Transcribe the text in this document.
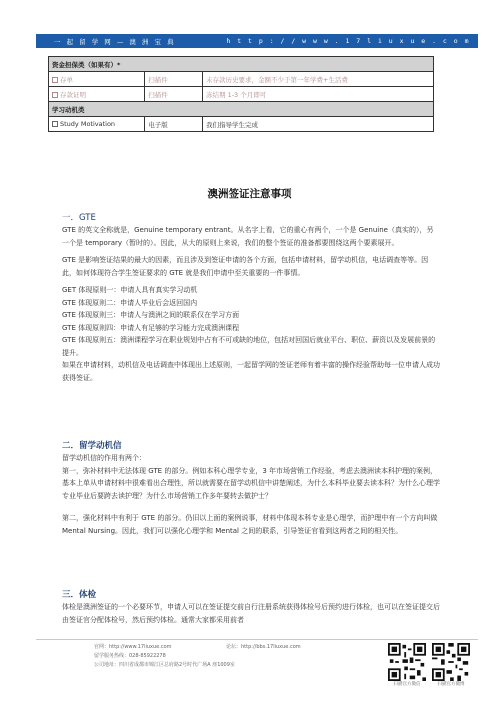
一 起 留 学 网 — 澳 洲 宝 典	h t t p : / / w w w . 1 7 l i u x u e . c o m
资金担保类（如果有）*		
存单	扫描件	末存款历史要求，金额不少于第一年学费+生活费
存款证明	扫描件	冻结期 1-3 个月即可
学习动机类		
Study Motivation	电子版	我们指导学生完成
澳洲签证注意事项
一．GTE

GTE 的英文全称就是，Genuine temporary entrant。从名字上看，它的重心有两个，一个是 Genuine（真实的），另一个是 temporary（暂时的）。因此，从大的原则上来说，我们的整个签证的准备都要围绕这两个要素展开。

GTE 是影响签证结果的最大的因素，而且涉及到签证申请的各个方面，包括申请材料，留学动机信，电话调查等等。因此，如何体现符合学生签证要求的 GTE 就是我们申请中至关重要的一件事情。

GET 体现原则一：申请人具有真实学习动机
GTE 体现原则二：申请人毕业后会返回国内
GTE 体现原则三：申请人与澳洲之间的联系仅在学习方面
GTE 体现原则四：申请人有足够的学习能力完成澳洲课程
GTE 体现原则五：澳洲课程学习在职业规划中占有不可或缺的地位，包括对回国后就业平台、职位、薪资以及发展前景的提升。

如果在申请材料，动机信及电话调查中体现出上述原则，一起留学网的签证老师有着丰富的操作经验帮助每一位申请人成功获得签证。

二．留学动机信
留学动机信的作用有两个：

第一，弥补材料中无法体现 GTE 的部分。例如本科心理学专业，3 年市场营销工作经验，考虑去澳洲读本科护理的案例，基本上单从申请材料中很难看出合理性，所以就需要在留学动机信中讲楚阐述，为什么本科毕业要去读本科？为什么心理学专业毕业后要跨去读护理？为什么市场营销工作多年要转去做护士？

第二，强化材料中有利于 GTE 的部分。仍旧以上面的案例说事，材料中体现本科专业是心理学，而护理中有一个方向叫做 Mental Nursing。因此，我们可以强化心理学和 Mental 之间的联系，引导签证官看到这两者之间的相关性。

三．体检

体检是澳洲签证的一个必要环节，申请人可以在签证提交前自行注册系统获得体检号后预约进行体检，也可以在签证提交后由签证官分配体检号，然后预约体检。通常大家都采用前者

官网：http://www.17liuxue.com	论坛：http://bbs.17liuxue.com
留学服务热线：028-85922278
公司地址：四川省成都市锦江区总府路2号时代广场A 座1009室
扫描官方微信	扫描官方微博
